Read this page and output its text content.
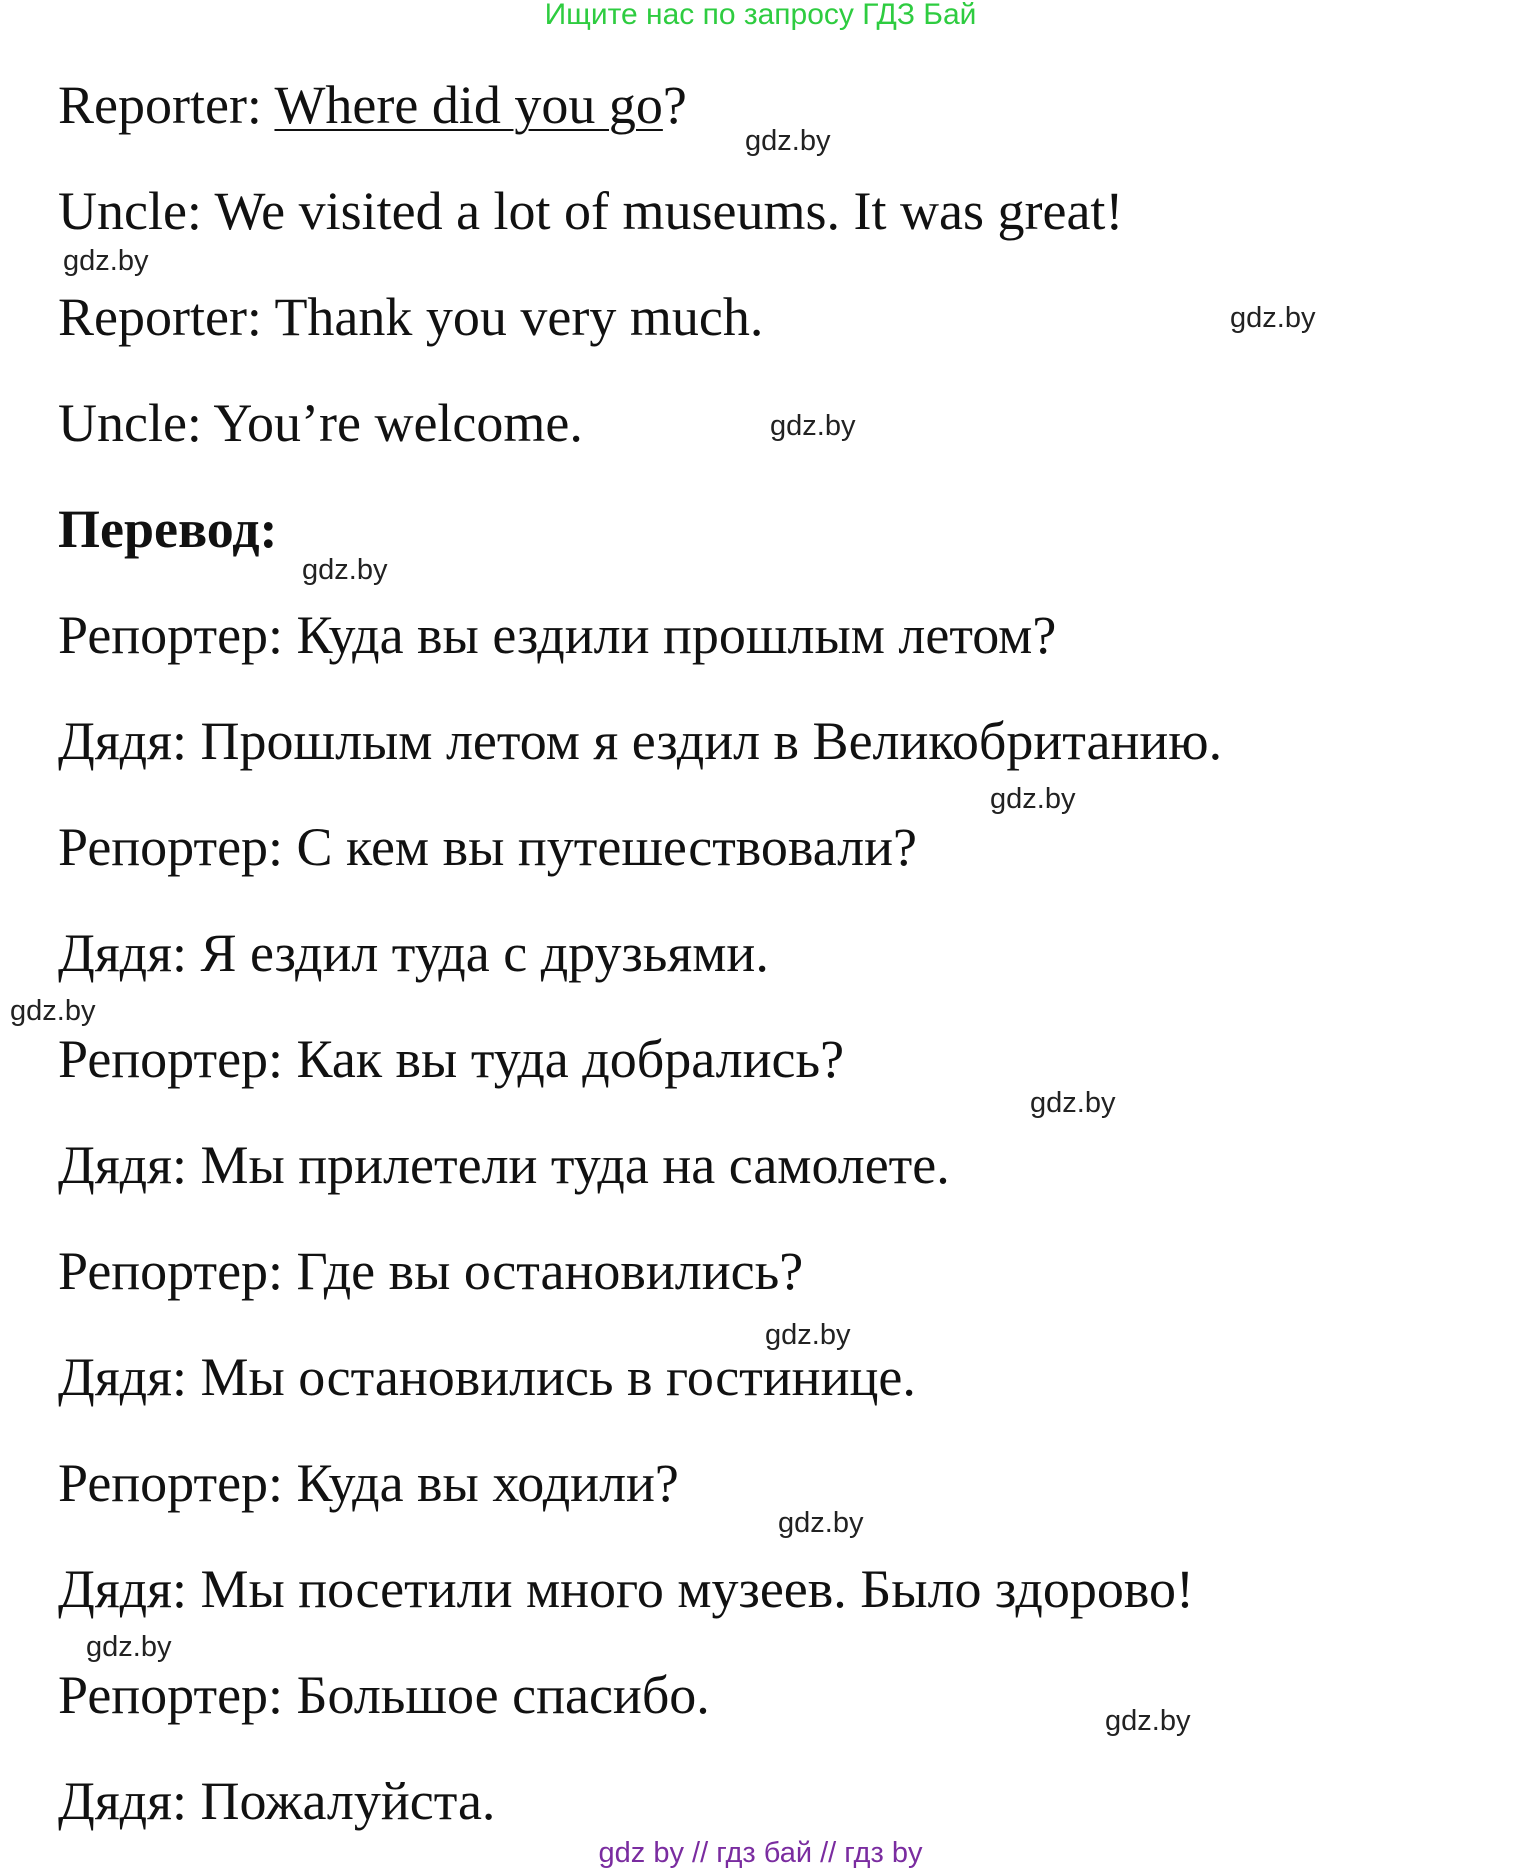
Ищите нас по запросу ГДЗ Бай
Reporter: Where did you go?
Uncle: We visited a lot of museums. It was great!
Reporter: Thank you very much.
Uncle: You’re welcome.
Перевод:
Репортер: Куда вы ездили прошлым летом?
Дядя: Прошлым летом я ездил в Великобританию.
Репортер: С кем вы путешествовали?
Дядя: Я ездил туда с друзьями.
Репортер: Как вы туда добрались?
Дядя: Мы прилетели туда на самолете.
Репортер: Где вы остановились?
Дядя: Мы остановились в гостинице.
Репортер: Куда вы ходили?
Дядя: Мы посетили много музеев. Было здорово!
Репортер: Большое спасибо.
Дядя: Пожалуйста.
gdz.by
gdz.by
gdz.by
gdz.by
gdz.by
gdz.by
gdz.by
gdz.by
gdz.by
gdz.by
gdz.by
gdz.by
gdz by // гдз бай // гдз by
